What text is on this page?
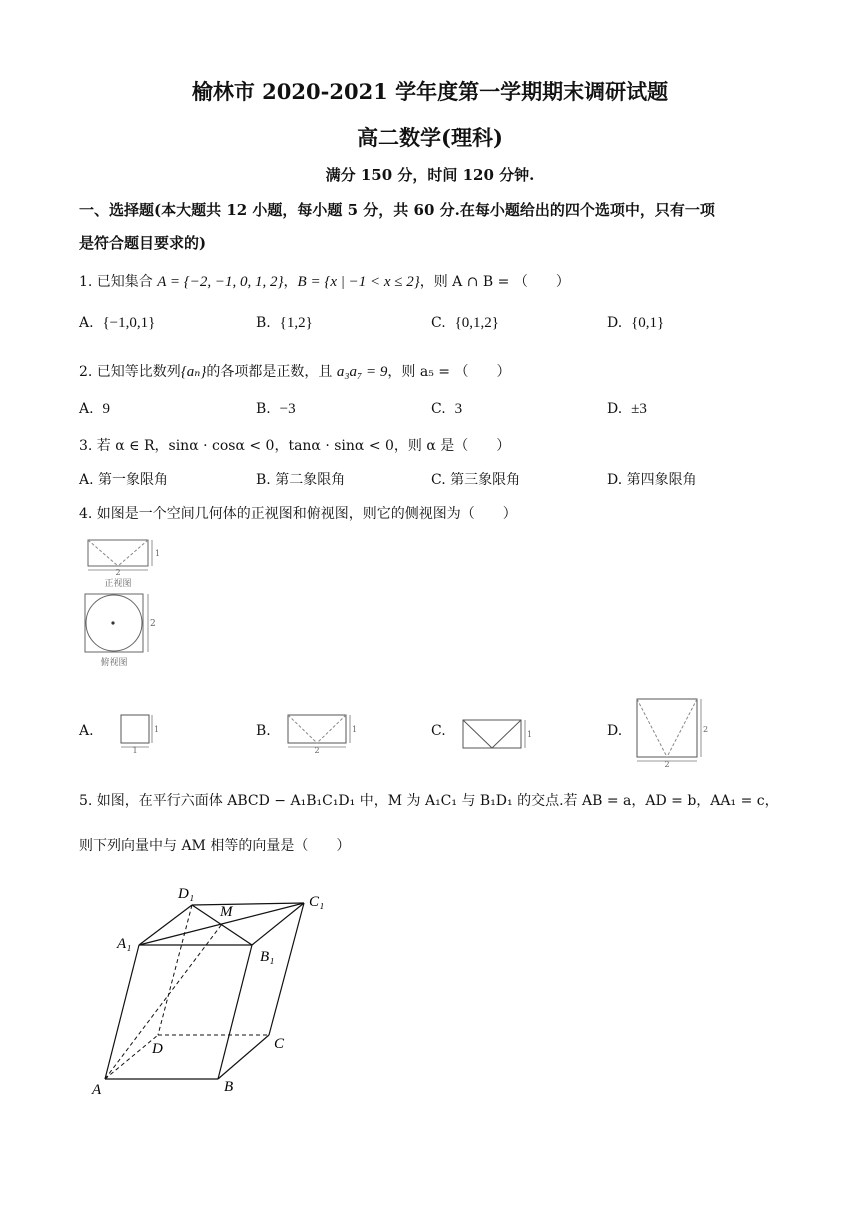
榆林市 2020-2021 学年度第一学期期末调研试题
高二数学(理科)
满分 150 分，时间 120 分钟.
一、选择题(本大题共 12 小题，每小题 5 分，共 60 分.在每小题给出的四个选项中，只有一项
是符合题目要求的)
1. 已知集合 A = {−2, −1, 0, 1, 2}，B = {x | −1 < x ≤ 2}，则 A ∩ B = （　　）
A. {−1,0,1}	B. {1,2}	C. {0,1,2}	D. {0,1}
2. 已知等比数列{aₙ}的各项都是正数，且 a₃a₇ = 9，则 a₅ = （　　）
A. 9	B. −3	C. 3	D. ±3
3. 若 α ∈ R，sinα · cosα < 0，tanα · sinα < 0，则 α 是（　　）
A. 第一象限角	B. 第二象限角	C. 第三象限角	D. 第四象限角
4. 如图是一个空间几何体的正视图和俯视图，则它的侧视图为（　　）
2
1
正视图
2
俯视图
A.	1
1
B.	1
2
C.	1	D.	2
2
5. 如图，在平行六面体 ABCD − A₁B₁C₁D₁ 中，M 为 A₁C₁ 与 B₁D₁ 的交点.若 AB = a，AD = b，AA₁ = c，
则下列向量中与 AM 相等的向量是（　　）
D₁	C₁
M
A₁
B₁
D	C
A	B
